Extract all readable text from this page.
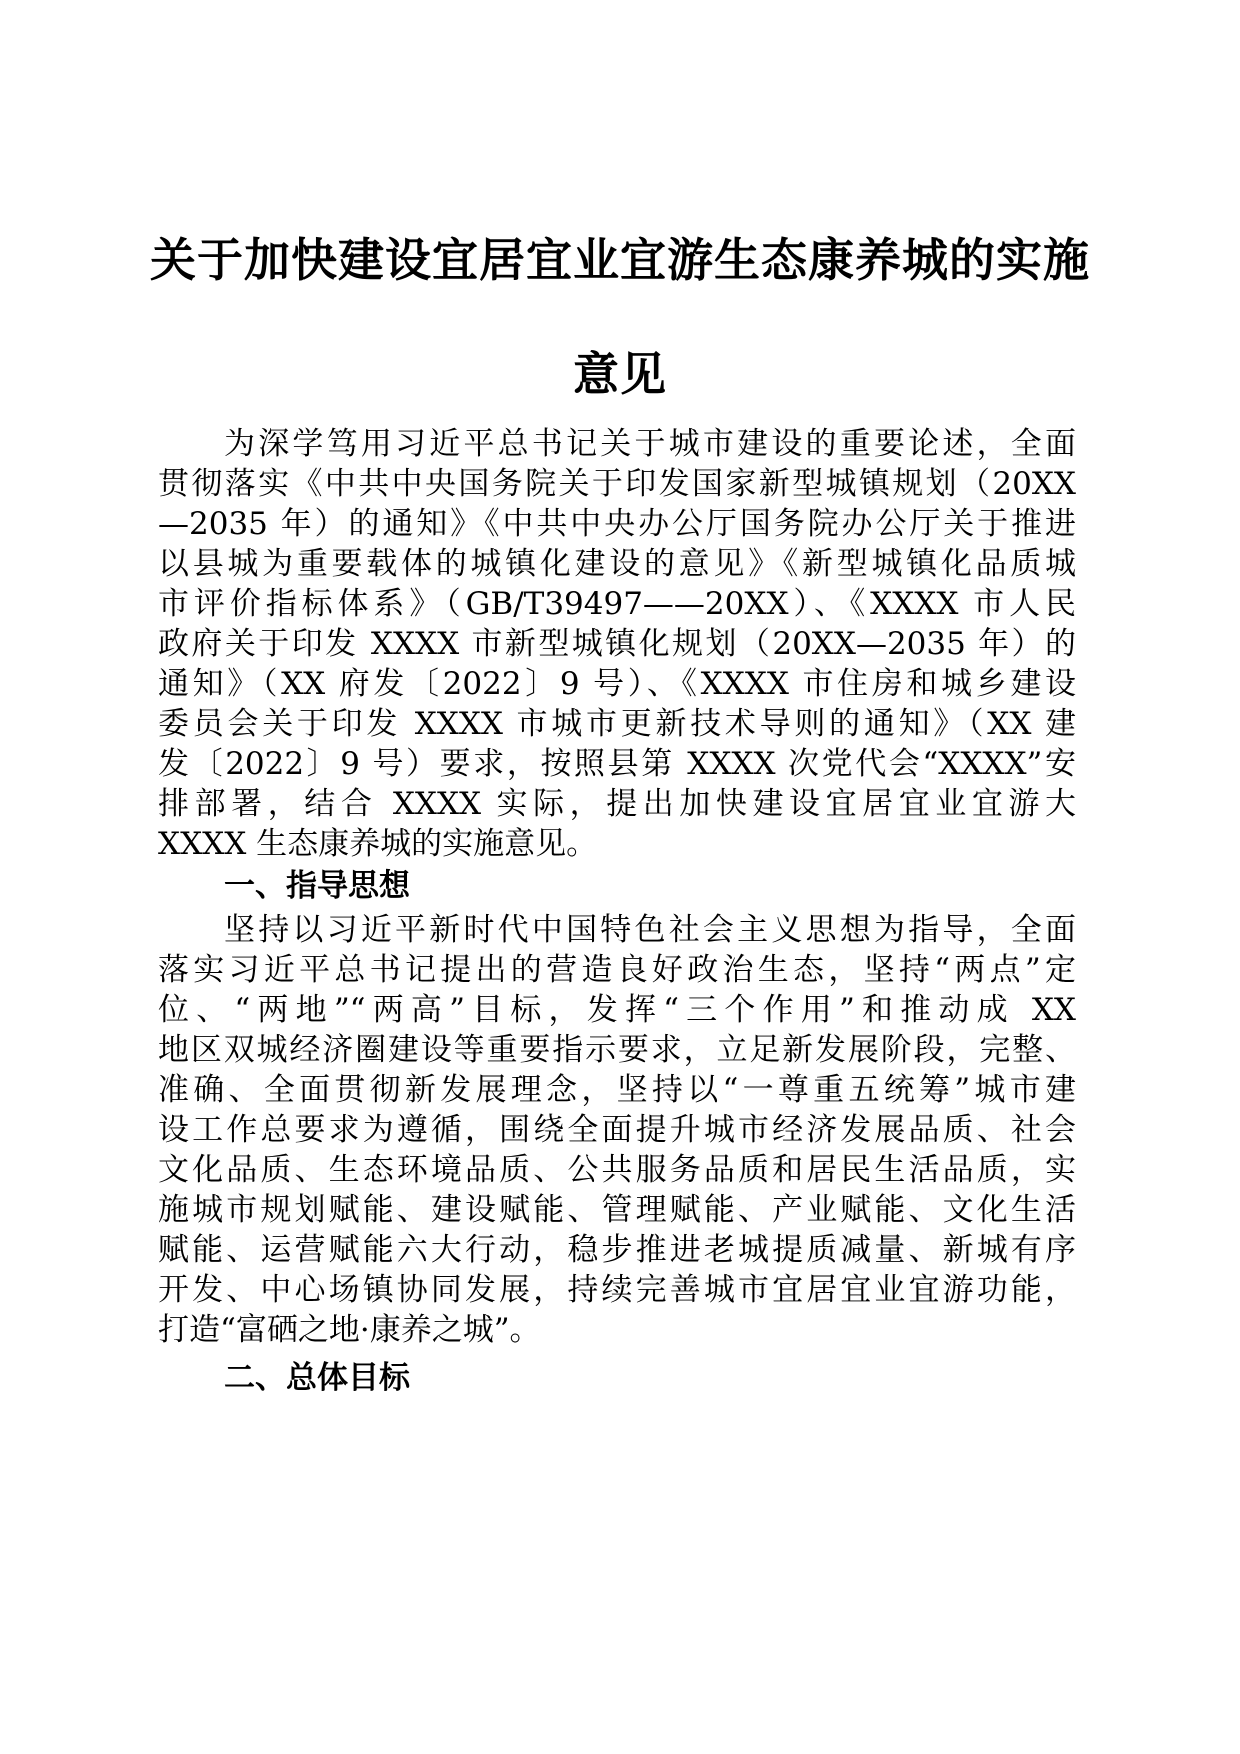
关于加快建设宜居宜业宜游生态康养城的实施
意见

为深学笃用习近平总书记关于城市建设的重要论述，全面

贯彻落实《中共中央国务院关于印发国家新型城镇规划（20XX

—2035 年）的通知》《中共中央办公厅国务院办公厅关于推进

以县城为重要载体的城镇化建设的意见》《新型城镇化品质城

市评价指标体系》（GB/T39497——20XX）、《XXXX 市人民

政府关于印发 XXXX 市新型城镇化规划（20XX—2035 年）的

通知》（XX 府发〔2022〕9 号）、《XXXX 市住房和城乡建设

委员会关于印发 XXXX 市城市更新技术导则的通知》（XX 建

发〔2022〕9 号）要求，按照县第 XXXX 次党代会“XXXX”安

排部署，结合 XXXX 实际，提出加快建设宜居宜业宜游大

XXXX 生态康养城的实施意见。

一、指导思想

坚持以习近平新时代中国特色社会主义思想为指导，全面

落实习近平总书记提出的营造良好政治生态，坚持“两点”定

位、“两地”“两高”目标，发挥“三个作用”和推动成 XX

地区双城经济圈建设等重要指示要求，立足新发展阶段，完整、

准确、全面贯彻新发展理念，坚持以“一尊重五统筹”城市建

设工作总要求为遵循，围绕全面提升城市经济发展品质、社会

文化品质、生态环境品质、公共服务品质和居民生活品质，实

施城市规划赋能、建设赋能、管理赋能、产业赋能、文化生活

赋能、运营赋能六大行动，稳步推进老城提质减量、新城有序

开发、中心场镇协同发展，持续完善城市宜居宜业宜游功能，

打造“富硒之地·康养之城”。

二、总体目标
